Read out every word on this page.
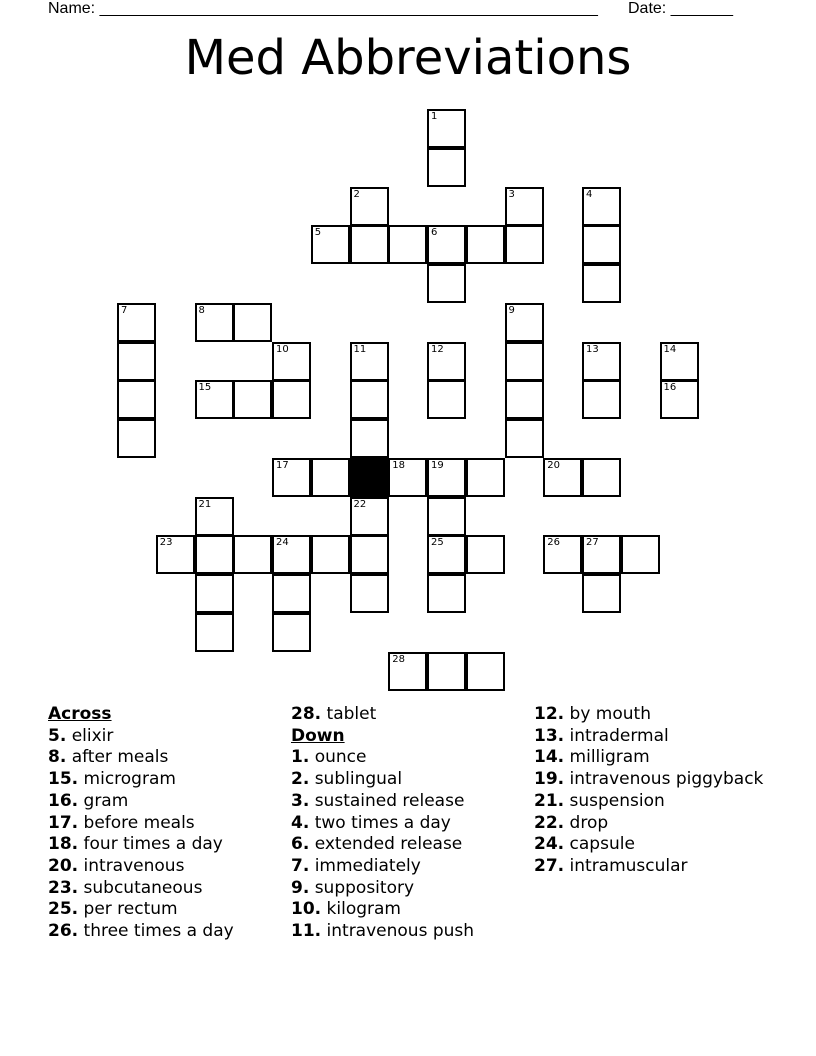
Name: ________________________________________________________ Date: _______
Med Abbreviations
1
2	3	4
5	6
7	8	9
10	11	12	13	14
15	16
17	18	19	20
21	22
23	24	25	26	27
28
Across
5. elixir
8. after meals
15. microgram
16. gram
17. before meals
18. four times a day
20. intravenous
23. subcutaneous
25. per rectum
26. three times a day
28. tablet
Down
1. ounce
2. sublingual
3. sustained release
4. two times a day
6. extended release
7. immediately
9. suppository
10. kilogram
11. intravenous push
12. by mouth
13. intradermal
14. milligram
19. intravenous piggyback
21. suspension
22. drop
24. capsule
27. intramuscular
